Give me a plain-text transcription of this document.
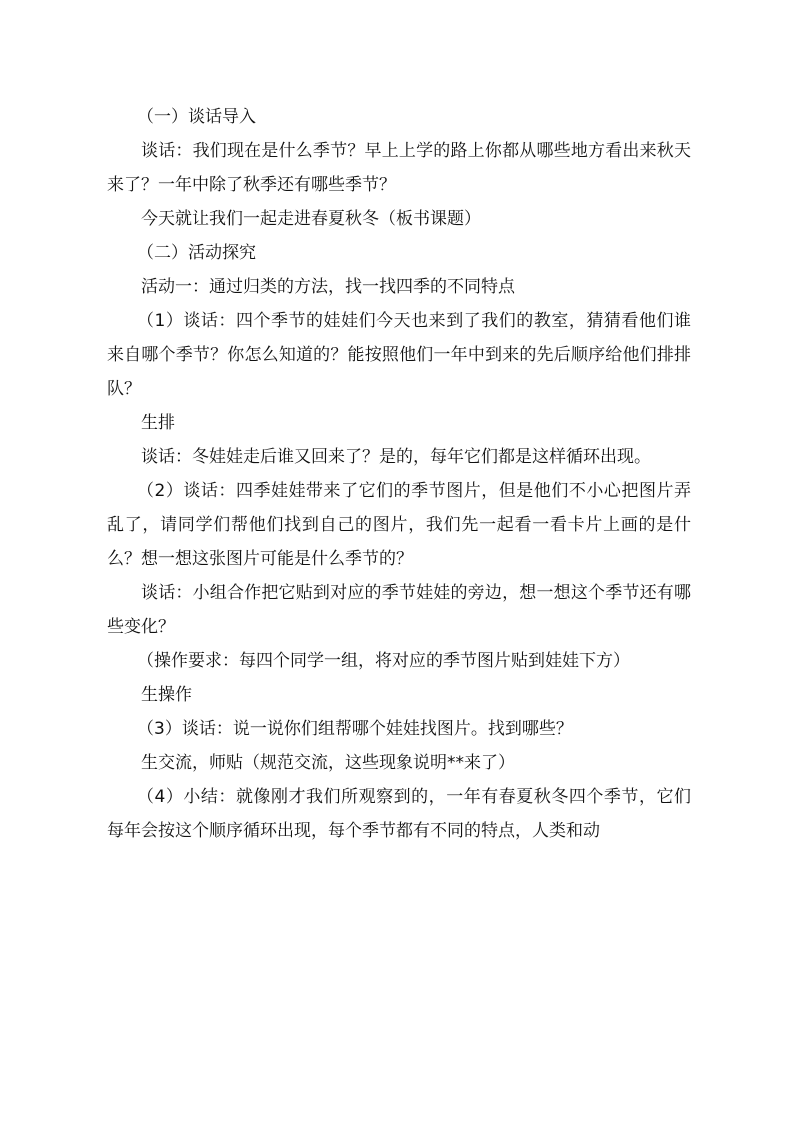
（一）谈话导入

谈话：我们现在是什么季节？早上上学的路上你都从哪些地方看出来秋天来了？一年中除了秋季还有哪些季节？

今天就让我们一起走进春夏秋冬（板书课题）

（二）活动探究

活动一：通过归类的方法，找一找四季的不同特点

（1）谈话：四个季节的娃娃们今天也来到了我们的教室，猜猜看他们谁来自哪个季节？你怎么知道的？能按照他们一年中到来的先后顺序给他们排排队？

生排

谈话：冬娃娃走后谁又回来了？是的，每年它们都是这样循环出现。

（2）谈话：四季娃娃带来了它们的季节图片，但是他们不小心把图片弄乱了，请同学们帮他们找到自己的图片，我们先一起看一看卡片上画的是什么？想一想这张图片可能是什么季节的？

谈话：小组合作把它贴到对应的季节娃娃的旁边，想一想这个季节还有哪些变化？

（操作要求：每四个同学一组，将对应的季节图片贴到娃娃下方）

生操作

（3）谈话：说一说你们组帮哪个娃娃找图片。找到哪些？

生交流，师贴（规范交流，这些现象说明**来了）

（4）小结：就像刚才我们所观察到的，一年有春夏秋冬四个季节，它们每年会按这个顺序循环出现，每个季节都有不同的特点，人类和动
